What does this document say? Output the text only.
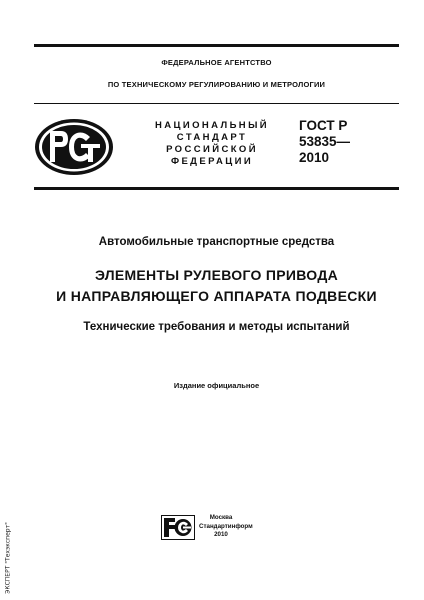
ФЕДЕРАЛЬНОЕ АГЕНТСТВО
ПО ТЕХНИЧЕСКОМУ РЕГУЛИРОВАНИЮ И МЕТРОЛОГИИ
НАЦИОНАЛЬНЫЙ
СТАНДАРТ
РОССИЙСКОЙ
ФЕДЕРАЦИИ
ГОСТ Р
53835—
2010
Автомобильные транспортные средства
ЭЛЕМЕНТЫ РУЛЕВОГО ПРИВОДА
И НАПРАВЛЯЮЩЕГО АППАРАТА ПОДВЕСКИ
Технические требования и методы испытаний
Издание официальное
Москва
Стандартинформ
2010
ЭКСПЕРТ "Техэксперт"
